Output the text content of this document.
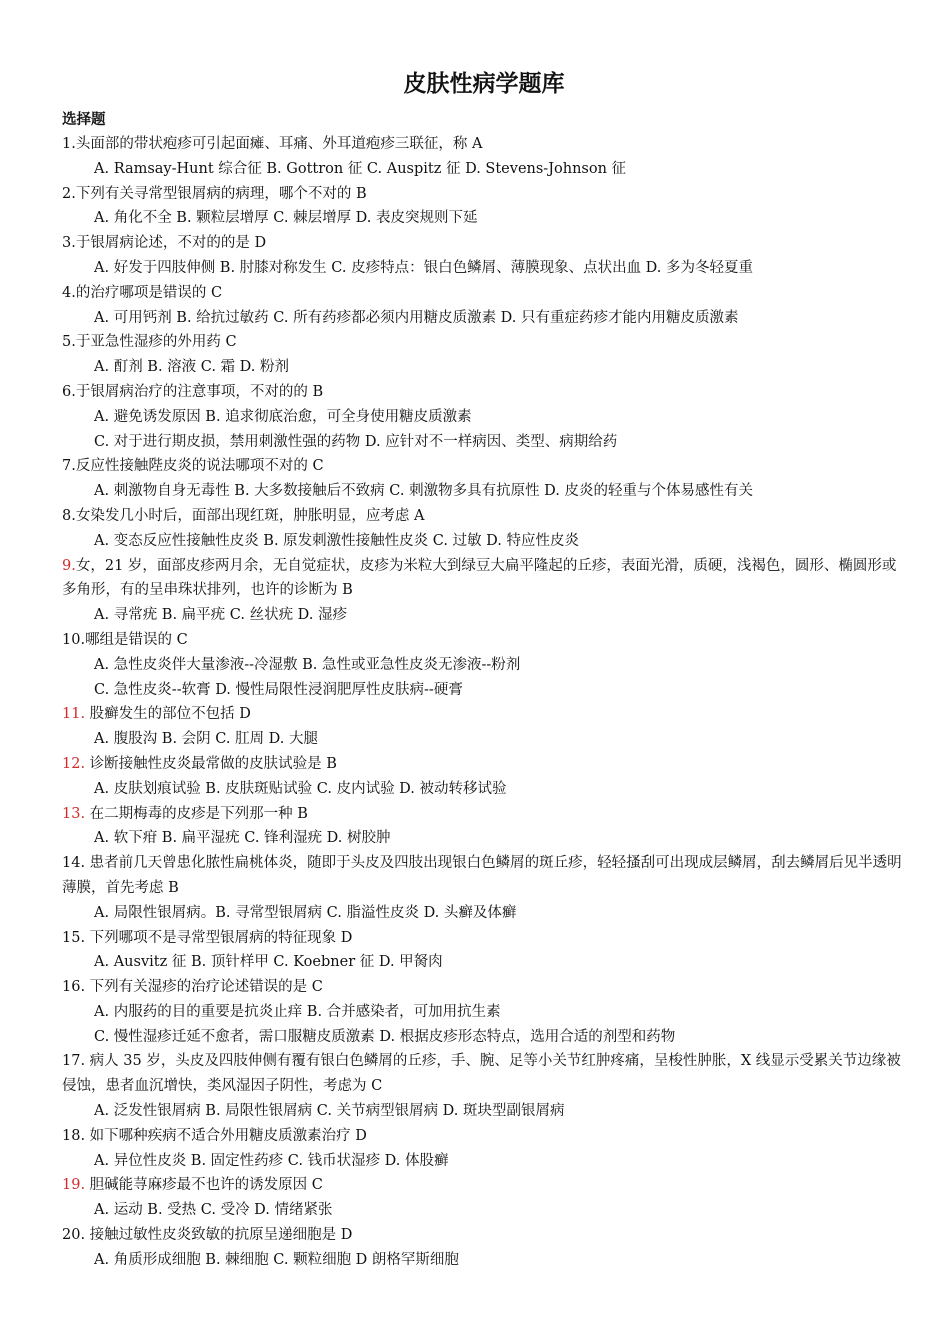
皮肤性病学题库
选择题
1.头面部的带状疱疹可引起面瘫、耳痛、外耳道疱疹三联征，称 A
A. Ramsay-Hunt 综合征 B. Gottron 征 C. Auspitz 征 D. Stevens-Johnson 征
2.下列有关寻常型银屑病的病理，哪个不对的 B
A. 角化不全 B. 颗粒层增厚 C. 棘层增厚 D. 表皮突规则下延
3.于银屑病论述，不对的的是 D
A. 好发于四肢伸侧 B. 肘膝对称发生 C. 皮疹特点：银白色鳞屑、薄膜现象、点状出血 D. 多为冬轻夏重
4.的治疗哪项是错误的 C
A. 可用钙剂 B. 给抗过敏药 C. 所有药疹都必须内用糖皮质激素 D. 只有重症药疹才能内用糖皮质激素
5.于亚急性湿疹的外用药 C
A. 酊剂 B. 溶液 C. 霜 D. 粉剂
6.于银屑病治疗的注意事项，不对的的 B
A. 避免诱发原因 B. 追求彻底治愈，可全身使用糖皮质激素
C. 对于进行期皮损，禁用刺激性强的药物 D. 应针对不一样病因、类型、病期给药
7.反应性接触陛皮炎的说法哪项不对的 C
A. 刺激物自身无毒性 B. 大多数接触后不致病 C. 刺激物多具有抗原性 D. 皮炎的轻重与个体易感性有关
8.女染发几小时后，面部出现红斑，肿胀明显，应考虑 A
A. 变态反应性接触性皮炎 B. 原发刺激性接触性皮炎 C. 过敏 D. 特应性皮炎
9.女，21 岁，面部皮疹两月余，无自觉症状，皮疹为米粒大到绿豆大扁平隆起的丘疹，表面光滑，质硬，浅褐色，圆形、椭圆形或多角形，有的呈串珠状排列，也许的诊断为 B
A. 寻常疣 B. 扁平疣 C. 丝状疣 D. 湿疹
10.哪组是错误的 C
A. 急性皮炎伴大量渗液--冷湿敷 B. 急性或亚急性皮炎无渗液--粉剂
C. 急性皮炎--软膏 D. 慢性局限性浸润肥厚性皮肤病--硬膏
11. 股癣发生的部位不包括 D
A. 腹股沟 B. 会阴 C. 肛周 D. 大腿
12. 诊断接触性皮炎最常做的皮肤试验是 B
A. 皮肤划痕试验 B. 皮肤斑贴试验 C. 皮内试验 D. 被动转移试验
13. 在二期梅毒的皮疹是下列那一种 B
A. 软下疳 B. 扁平湿疣 C. 锋利湿疣 D. 树胶肿
14. 患者前几天曾患化脓性扁桃体炎，随即于头皮及四肢出现银白色鳞屑的斑丘疹，轻轻搔刮可出现成层鳞屑，刮去鳞屑后见半透明薄膜，首先考虑 B
A. 局限性银屑病。B. 寻常型银屑病 C. 脂溢性皮炎 D. 头癣及体癣
15. 下列哪项不是寻常型银屑病的特征现象 D
A. Ausvitz 征 B. 顶针样甲 C. Koebner 征 D. 甲胬肉
16. 下列有关湿疹的治疗论述错误的是 C
A. 内服药的目的重要是抗炎止痒 B. 合并感染者，可加用抗生素
C. 慢性湿疹迁延不愈者，需口服糖皮质激素 D. 根据皮疹形态特点，选用合适的剂型和药物
17. 病人 35 岁，头皮及四肢伸侧有覆有银白色鳞屑的丘疹，手、腕、足等小关节红肿疼痛，呈梭性肿胀，X 线显示受累关节边缘被侵蚀，患者血沉增快，类风湿因子阴性，考虑为 C
A. 泛发性银屑病 B. 局限性银屑病 C. 关节病型银屑病 D. 斑块型副银屑病
18. 如下哪种疾病不适合外用糖皮质激素治疗 D
A. 异位性皮炎 B. 固定性药疹 C. 钱币状湿疹 D. 体股癣
19. 胆碱能荨麻疹最不也许的诱发原因 C
A. 运动 B. 受热 C. 受冷 D. 情绪紧张
20. 接触过敏性皮炎致敏的抗原呈递细胞是 D
A. 角质形成细胞 B. 棘细胞 C. 颗粒细胞 D 朗格罕斯细胞
